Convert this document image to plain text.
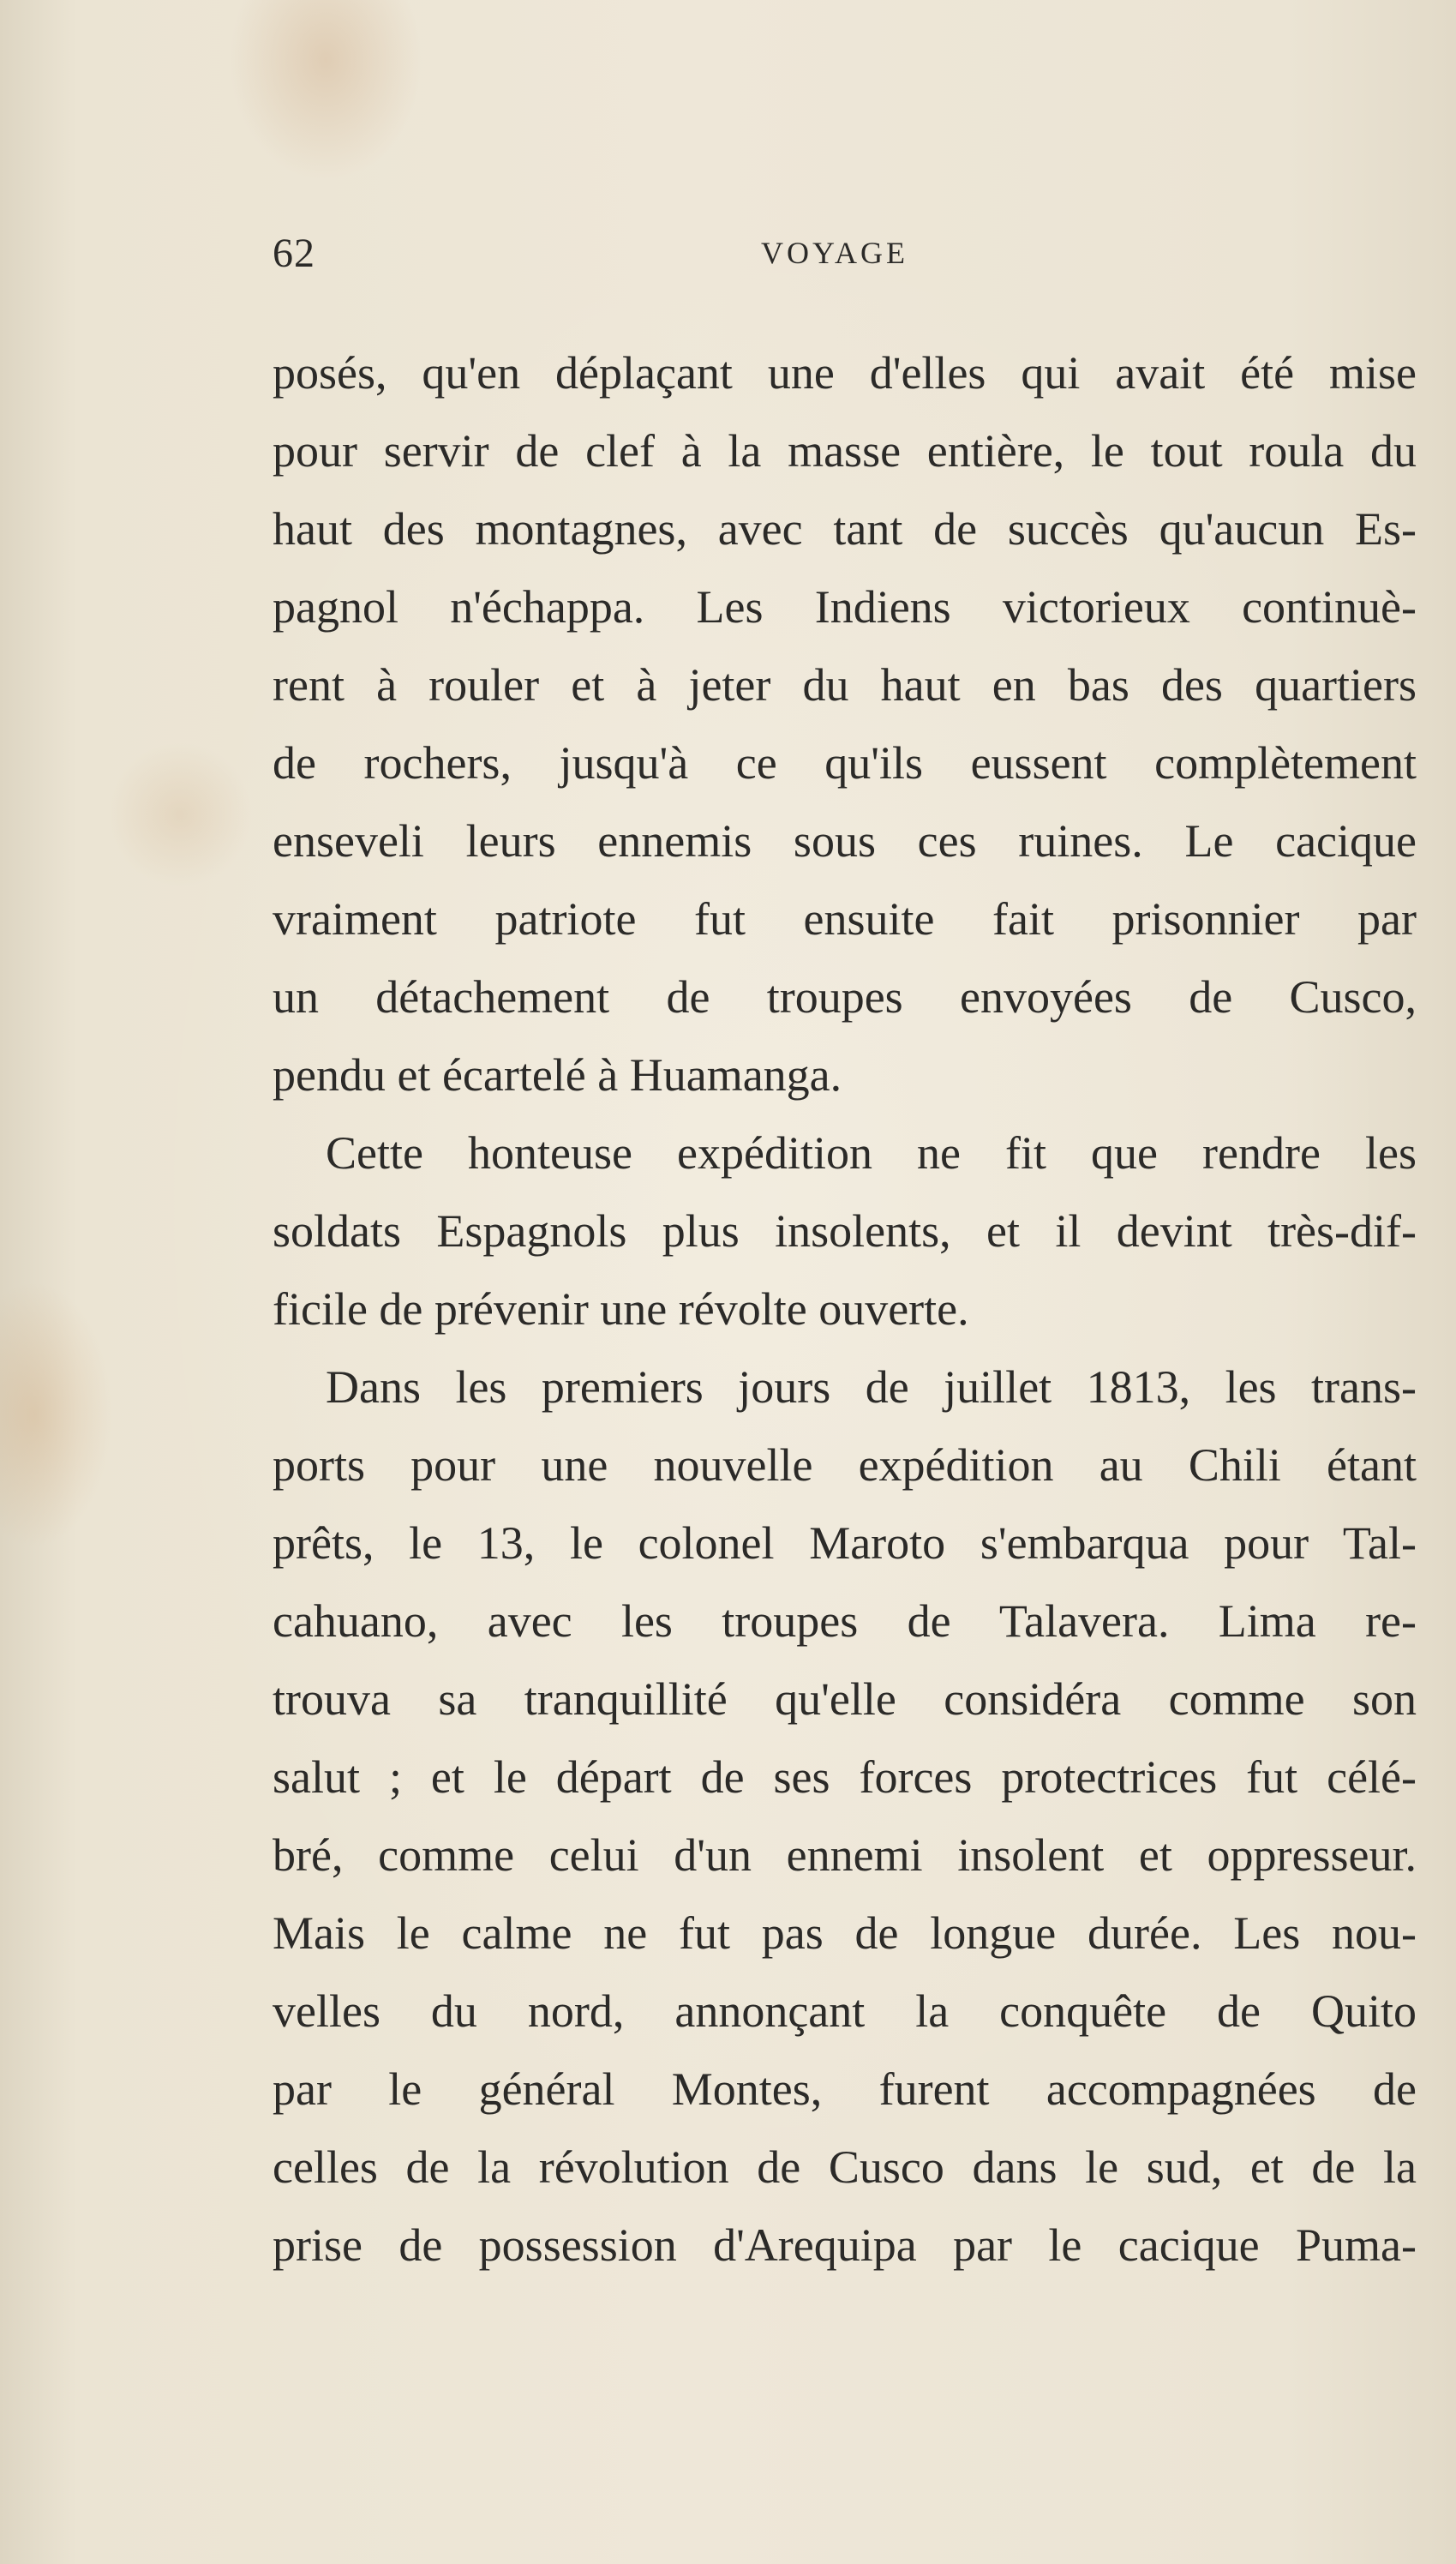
62	VOYAGE
posés, qu'en déplaçant une d'elles qui avait été mise
pour servir de clef à la masse entière, le tout roula du
haut des montagnes, avec tant de succès qu'aucun Es-
pagnol n'échappa. Les Indiens victorieux continuè-
rent à rouler et à jeter du haut en bas des quartiers
de rochers, jusqu'à ce qu'ils eussent complètement
enseveli leurs ennemis sous ces ruines. Le cacique
vraiment patriote fut ensuite fait prisonnier par
un détachement de troupes envoyées de Cusco,
pendu et écartelé à Huamanga.
Cette honteuse expédition ne fit que rendre les
soldats Espagnols plus insolents, et il devint très-dif-
ficile de prévenir une révolte ouverte.
Dans les premiers jours de juillet 1813, les trans-
ports pour une nouvelle expédition au Chili étant
prêts, le 13, le colonel Maroto s'embarqua pour Tal-
cahuano, avec les troupes de Talavera. Lima re-
trouva sa tranquillité qu'elle considéra comme son
salut ; et le départ de ses forces protectrices fut célé-
bré, comme celui d'un ennemi insolent et oppresseur.
Mais le calme ne fut pas de longue durée. Les nou-
velles du nord, annonçant la conquête de Quito
par le général Montes, furent accompagnées de
celles de la révolution de Cusco dans le sud, et de la
prise de possession d'Arequipa par le cacique Puma-
